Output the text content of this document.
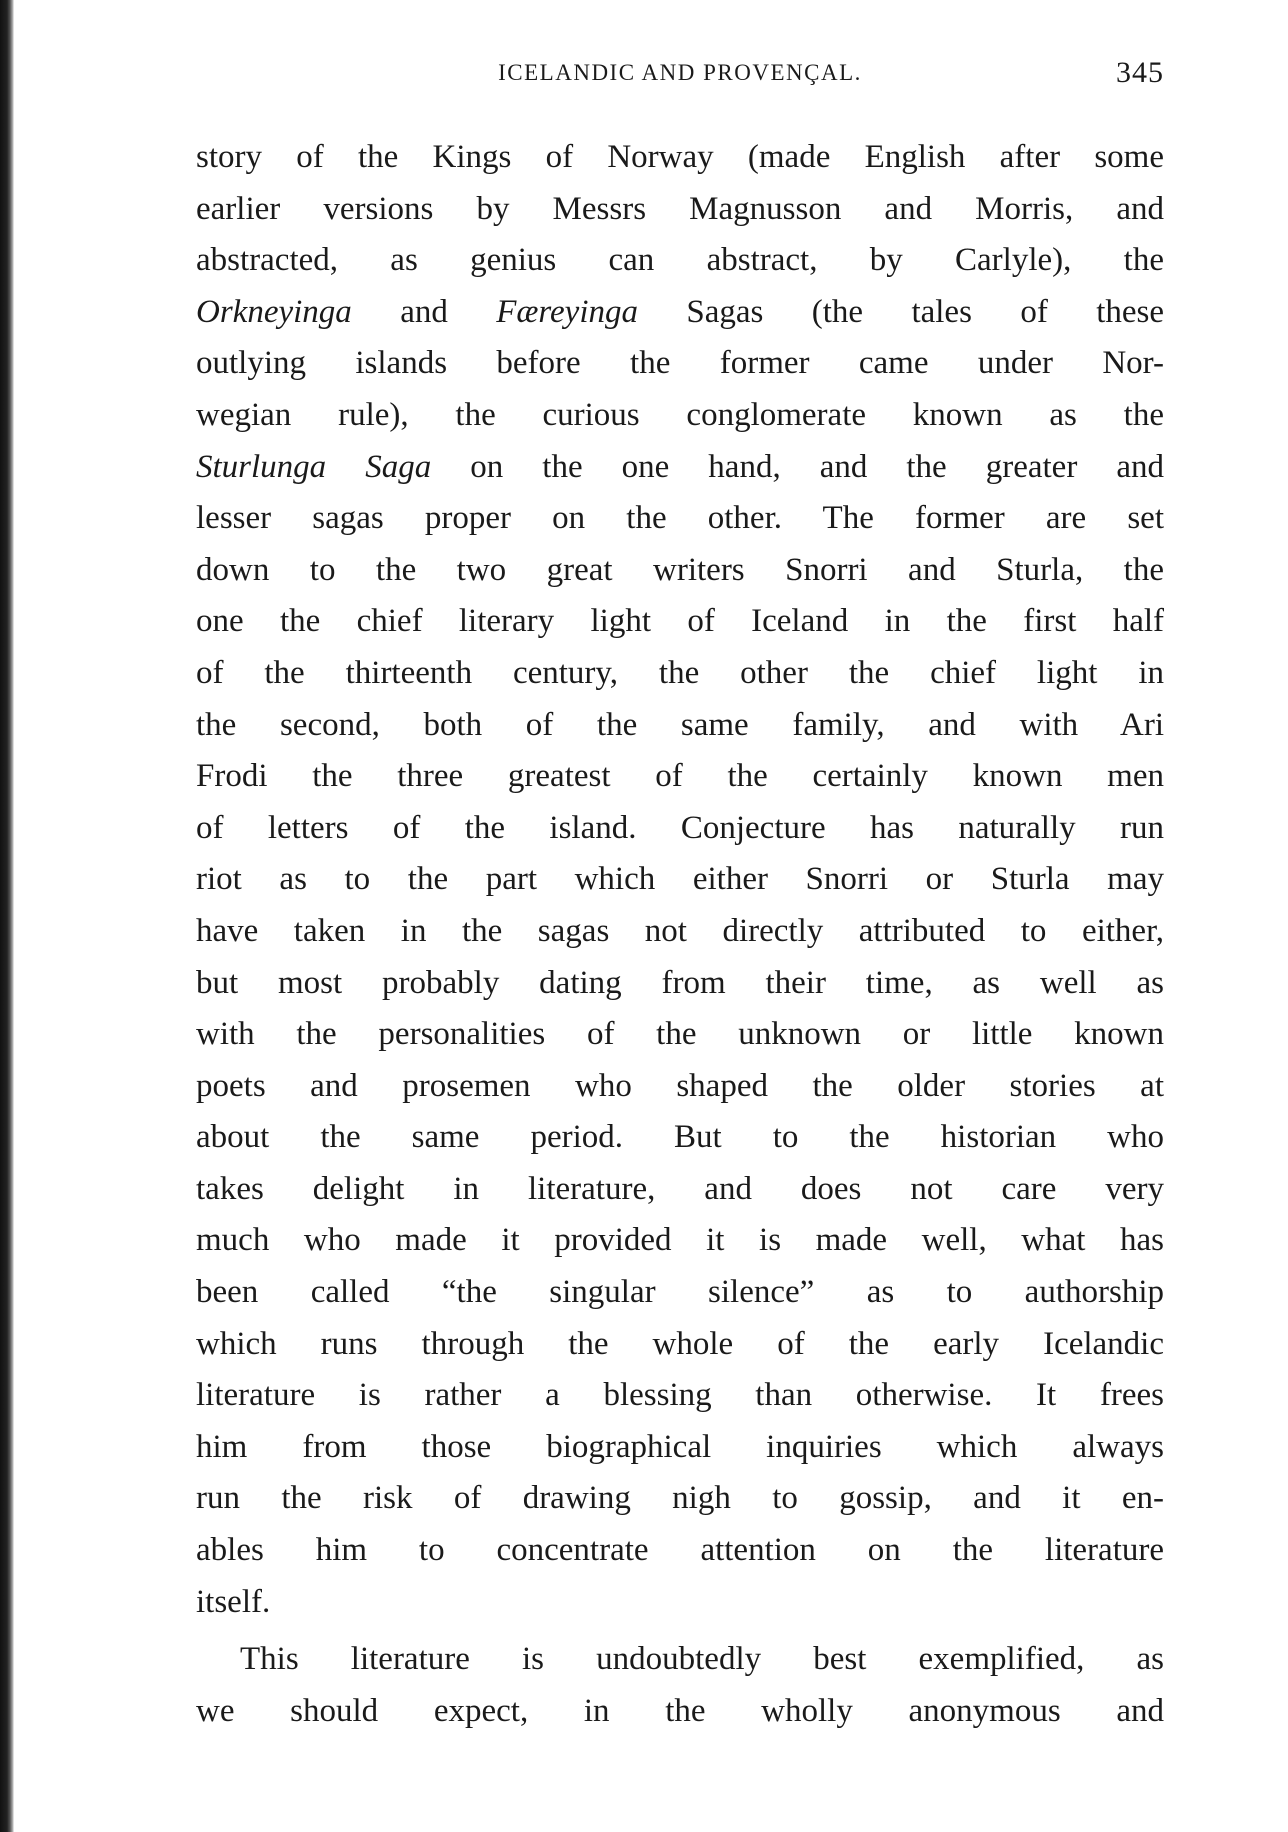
ICELANDIC AND PROVENÇAL.	345
story of the Kings of Norway (made English after some
earlier versions by Messrs Magnusson and Morris, and
abstracted, as genius can abstract, by Carlyle), the
Orkneyinga and Færeyinga Sagas (the tales of these
outlying islands before the former came under Nor-
wegian rule), the curious conglomerate known as the
Sturlunga Saga on the one hand, and the greater and
lesser sagas proper on the other. The former are set
down to the two great writers Snorri and Sturla, the
one the chief literary light of Iceland in the first half
of the thirteenth century, the other the chief light in
the second, both of the same family, and with Ari
Frodi the three greatest of the certainly known men
of letters of the island. Conjecture has naturally run
riot as to the part which either Snorri or Sturla may
have taken in the sagas not directly attributed to either,
but most probably dating from their time, as well as
with the personalities of the unknown or little known
poets and prosemen who shaped the older stories at
about the same period. But to the historian who
takes delight in literature, and does not care very
much who made it provided it is made well, what has
been called “the singular silence” as to authorship
which runs through the whole of the early Icelandic
literature is rather a blessing than otherwise. It frees
him from those biographical inquiries which always
run the risk of drawing nigh to gossip, and it en-
ables him to concentrate attention on the literature
itself.
This literature is undoubtedly best exemplified, as
we should expect, in the wholly anonymous and
